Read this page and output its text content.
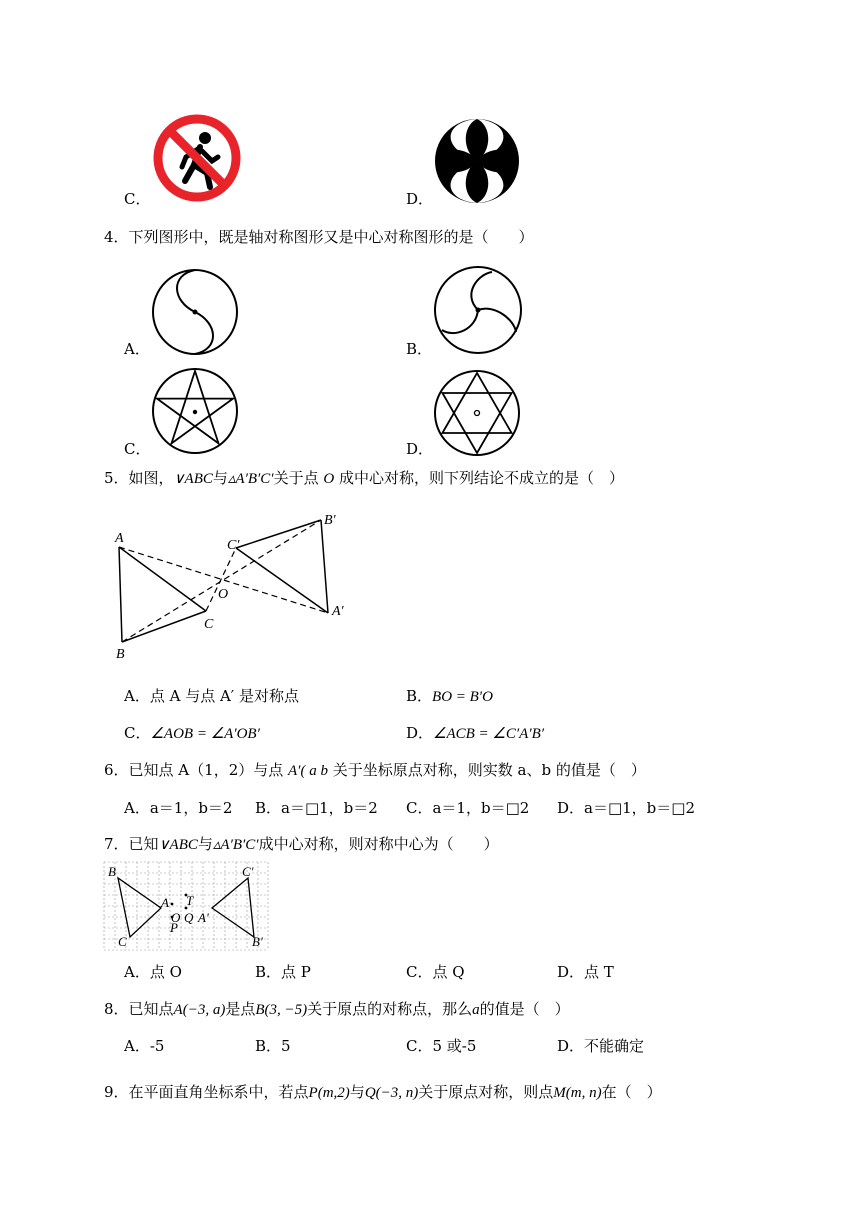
C．	D．
4．下列图形中，既是轴对称图形又是中心对称图形的是（　　）
A．	B．
C．	D．
5．如图，∨ABC与▵A′B′C′关于点 O 成中心对称，则下列结论不成立的是（　）
A
B
C
O
A′
B′
C′
A．点 A 与点 A′ 是对称点	B．BO = B′O
C．∠AOB = ∠A′OB′	D．∠ACB = ∠C′A′B′
6．已知点 A（1，2）与点 A′( a b 关于坐标原点对称，则实数 a、b 的值是（　）
A．a＝1，b＝2 B．a＝□1，b＝2 C．a＝1，b＝□2 D．a＝□1，b＝□2
7．已知∨ABC与▵A′B′C′成中心对称，则对称中心为（　　）
B
C
A
O
P
T
Q A′
B′
C′
A．点 O	B．点 P	C．点 Q	D．点 T
8．已知点A(−3, a)是点B(3, −5)关于原点的对称点，那么a的值是（　）
A．-5	B．5	C．5 或-5	D．不能确定
9．在平面直角坐标系中，若点P(m,2)与Q(−3, n)关于原点对称，则点M(m, n)在（　）
